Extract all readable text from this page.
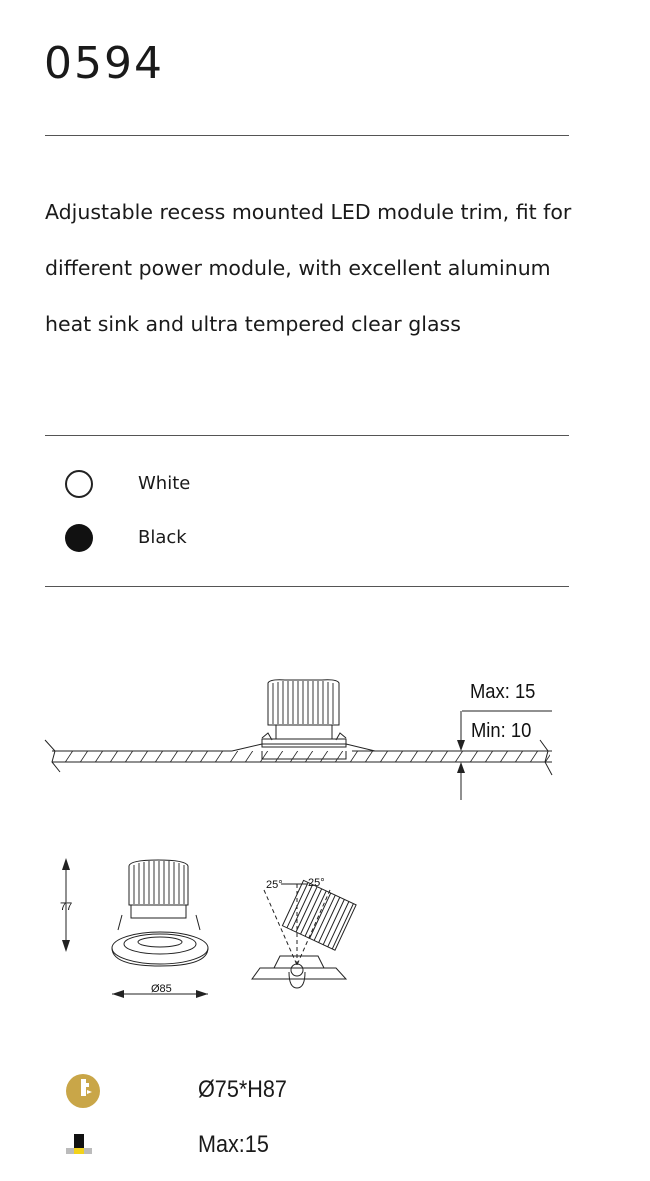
0594

Adjustable recess mounted LED module trim, fit for

different power module, with excellent aluminum

heat sink and ultra tempered clear glass

White
Black
Max: 15
Min: 10
77
Ø85
25° 25°
Ø75*H87
Max:15
